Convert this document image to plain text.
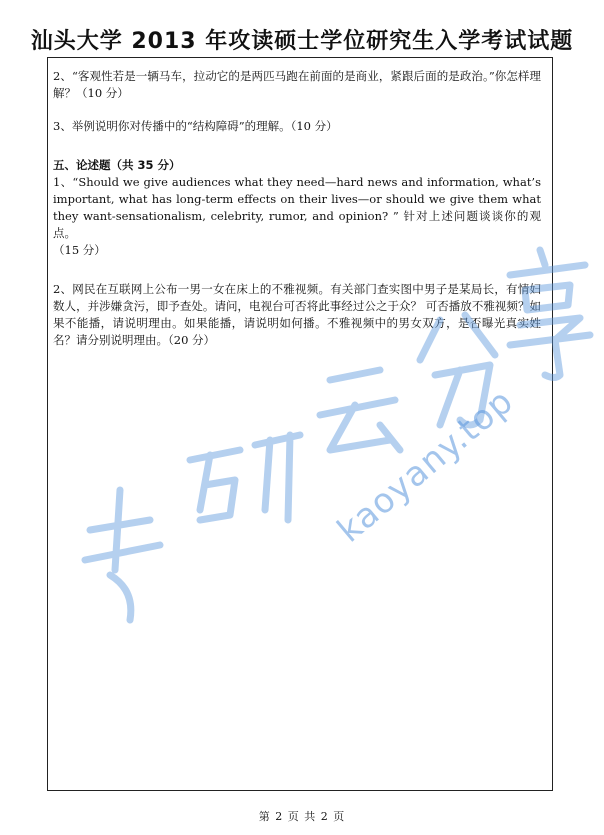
汕头大学 2013 年攻读硕士学位研究生入学考试试题

2、“客观性若是一辆马车，拉动它的是两匹马跑在前面的是商业，紧跟后面的是政治。”你怎样理解？（10 分）

3、举例说明你对传播中的“结构障碍”的理解。（10 分）

五、论述题（共 35 分）

1、“Should we give audiences what they need—hard news and information, what’s important, what has long-term effects on their lives—or should we give them what they want-sensationalism, celebrity, rumor, and opinion? ” 针对上述问题谈谈你的观点。

（15 分）

2、网民在互联网上公布一男一女在床上的不雅视频。有关部门查实图中男子是某局长，有情妇数人，并涉嫌贪污，即予查处。请问，电视台可否将此事经过公之于众？ 可否播放不雅视频？如果不能播，请说明理由。如果能播，请说明如何播。不雅视频中的男女双方，是否曝光真实姓名？请分别说明理由。（20 分）

kaoyany.top
第 2 页 共 2 页
